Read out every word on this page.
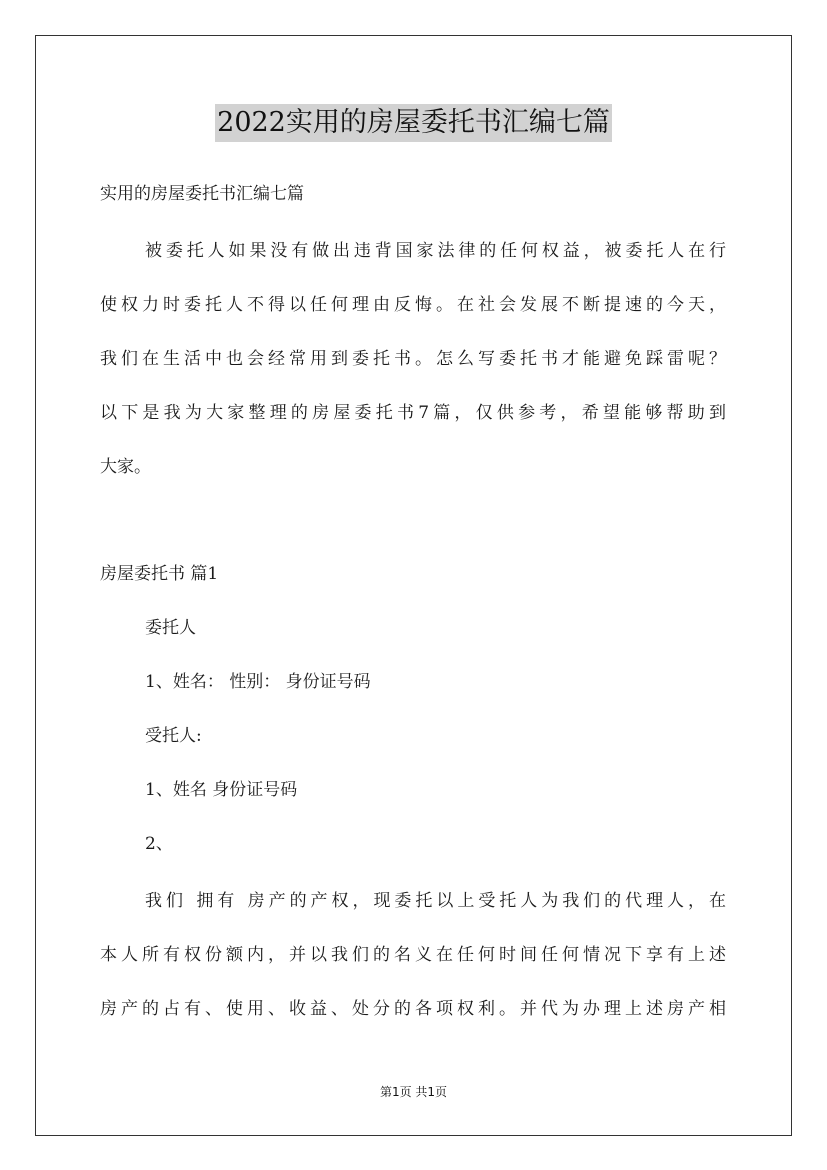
2022实用的房屋委托书汇编七篇
实用的房屋委托书汇编七篇
被委托人如果没有做出违背国家法律的任何权益，被委托人在行
使权力时委托人不得以任何理由反悔。在社会发展不断提速的今天，
我们在生活中也会经常用到委托书。怎么写委托书才能避免踩雷呢？
以下是我为大家整理的房屋委托书7篇，仅供参考，希望能够帮助到
大家。
房屋委托书 篇1
委托人
1、姓名： 性别： 身份证号码
受托人:
1、姓名 身份证号码
2、
我们 拥有 房产的产权，现委托以上受托人为我们的代理人，在
本人所有权份额内，并以我们的名义在任何时间任何情况下享有上述
房产的占有、使用、收益、处分的各项权利。并代为办理上述房产相
第1页 共1页
